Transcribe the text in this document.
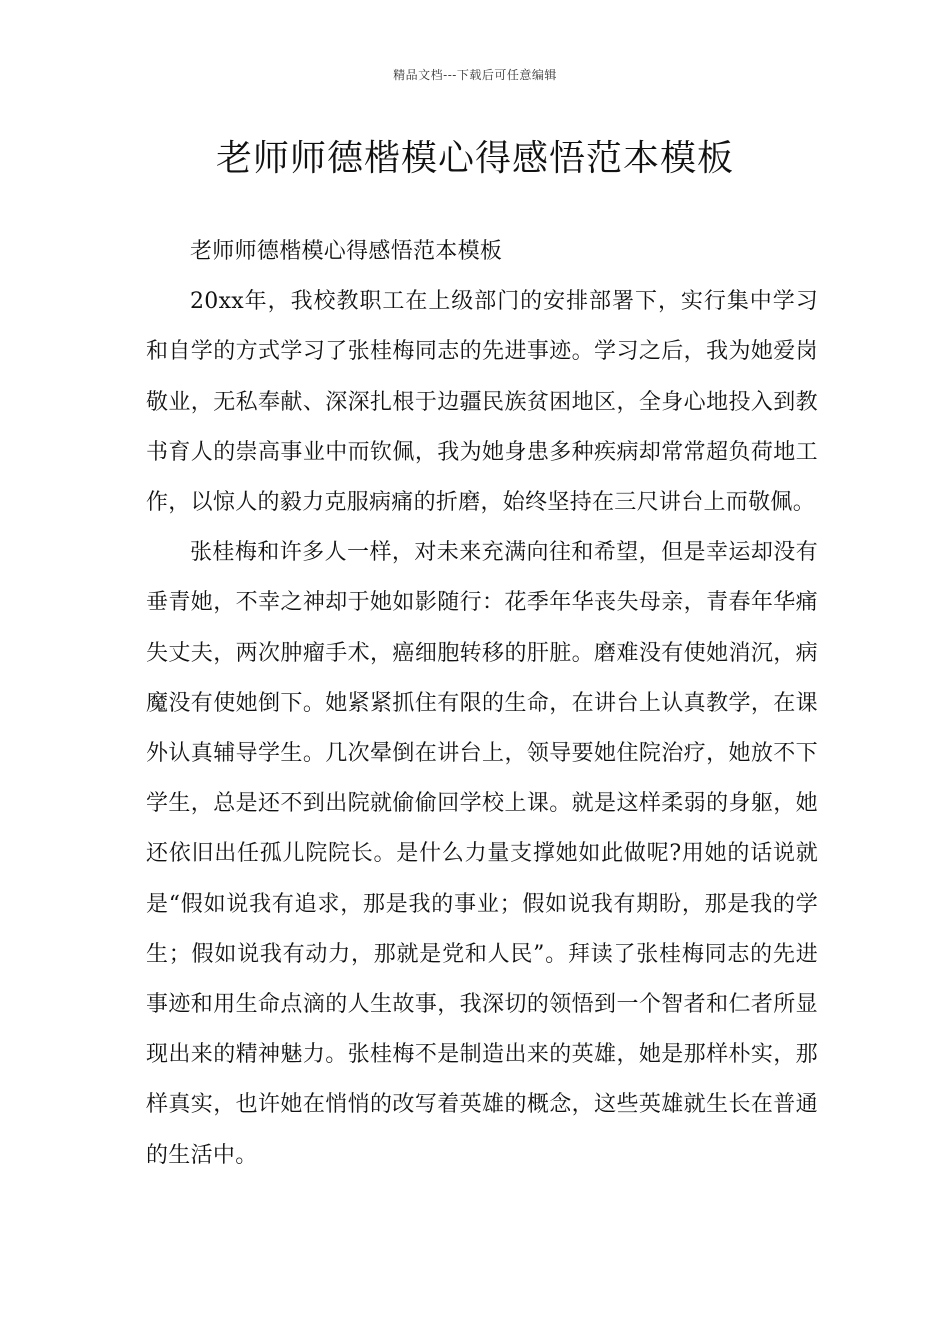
精品文档---下载后可任意编辑
老师师德楷模心得感悟范本模板

老师师德楷模心得感悟范本模板

20xx年，我校教职工在上级部门的安排部署下，实行集中学习和自学的方式学习了张桂梅同志的先进事迹。学习之后，我为她爱岗敬业，无私奉献、深深扎根于边疆民族贫困地区，全身心地投入到教书育人的崇高事业中而钦佩，我为她身患多种疾病却常常超负荷地工作，以惊人的毅力克服病痛的折磨，始终坚持在三尺讲台上而敬佩。

张桂梅和许多人一样，对未来充满向往和希望，但是幸运却没有垂青她，不幸之神却于她如影随行：花季年华丧失母亲，青春年华痛失丈夫，两次肿瘤手术，癌细胞转移的肝脏。磨难没有使她消沉，病魔没有使她倒下。她紧紧抓住有限的生命，在讲台上认真教学，在课外认真辅导学生。几次晕倒在讲台上，领导要她住院治疗，她放不下学生，总是还不到出院就偷偷回学校上课。就是这样柔弱的身躯，她还依旧出任孤儿院院长。是什么力量支撑她如此做呢?用她的话说就是“假如说我有追求，那是我的事业；假如说我有期盼，那是我的学生；假如说我有动力，那就是党和人民”。拜读了张桂梅同志的先进事迹和用生命点滴的人生故事，我深切的领悟到一个智者和仁者所显现出来的精神魅力。张桂梅不是制造出来的英雄，她是那样朴实，那样真实，也许她在悄悄的改写着英雄的概念，这些英雄就生长在普通的生活中。
